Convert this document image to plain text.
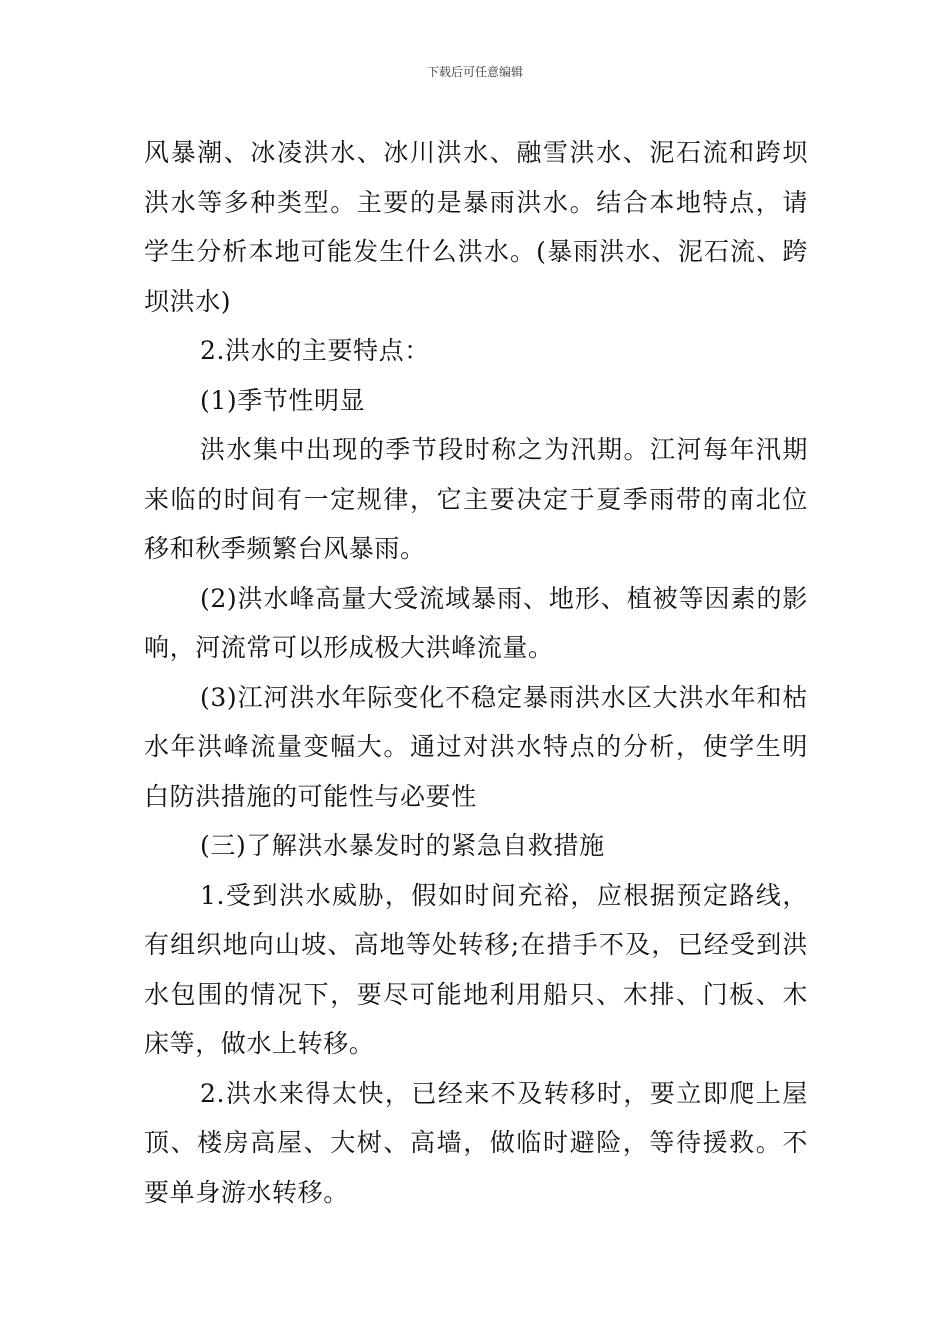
下载后可任意编辑

风暴潮、冰凌洪水、冰川洪水、融雪洪水、泥石流和跨坝洪水等多种类型。主要的是暴雨洪水。结合本地特点，请学生分析本地可能发生什么洪水。(暴雨洪水、泥石流、跨坝洪水)

2.洪水的主要特点：

(1)季节性明显

洪水集中出现的季节段时称之为汛期。江河每年汛期来临的时间有一定规律，它主要决定于夏季雨带的南北位移和秋季频繁台风暴雨。

(2)洪水峰高量大受流域暴雨、地形、植被等因素的影响，河流常可以形成极大洪峰流量。

(3)江河洪水年际变化不稳定暴雨洪水区大洪水年和枯水年洪峰流量变幅大。通过对洪水特点的分析，使学生明白防洪措施的可能性与必要性

(三)了解洪水暴发时的紧急自救措施

1.受到洪水威胁，假如时间充裕，应根据预定路线，有组织地向山坡、高地等处转移;在措手不及，已经受到洪水包围的情况下，要尽可能地利用船只、木排、门板、木床等，做水上转移。

2.洪水来得太快，已经来不及转移时，要立即爬上屋顶、楼房高屋、大树、高墙，做临时避险，等待援救。不要单身游水转移。
